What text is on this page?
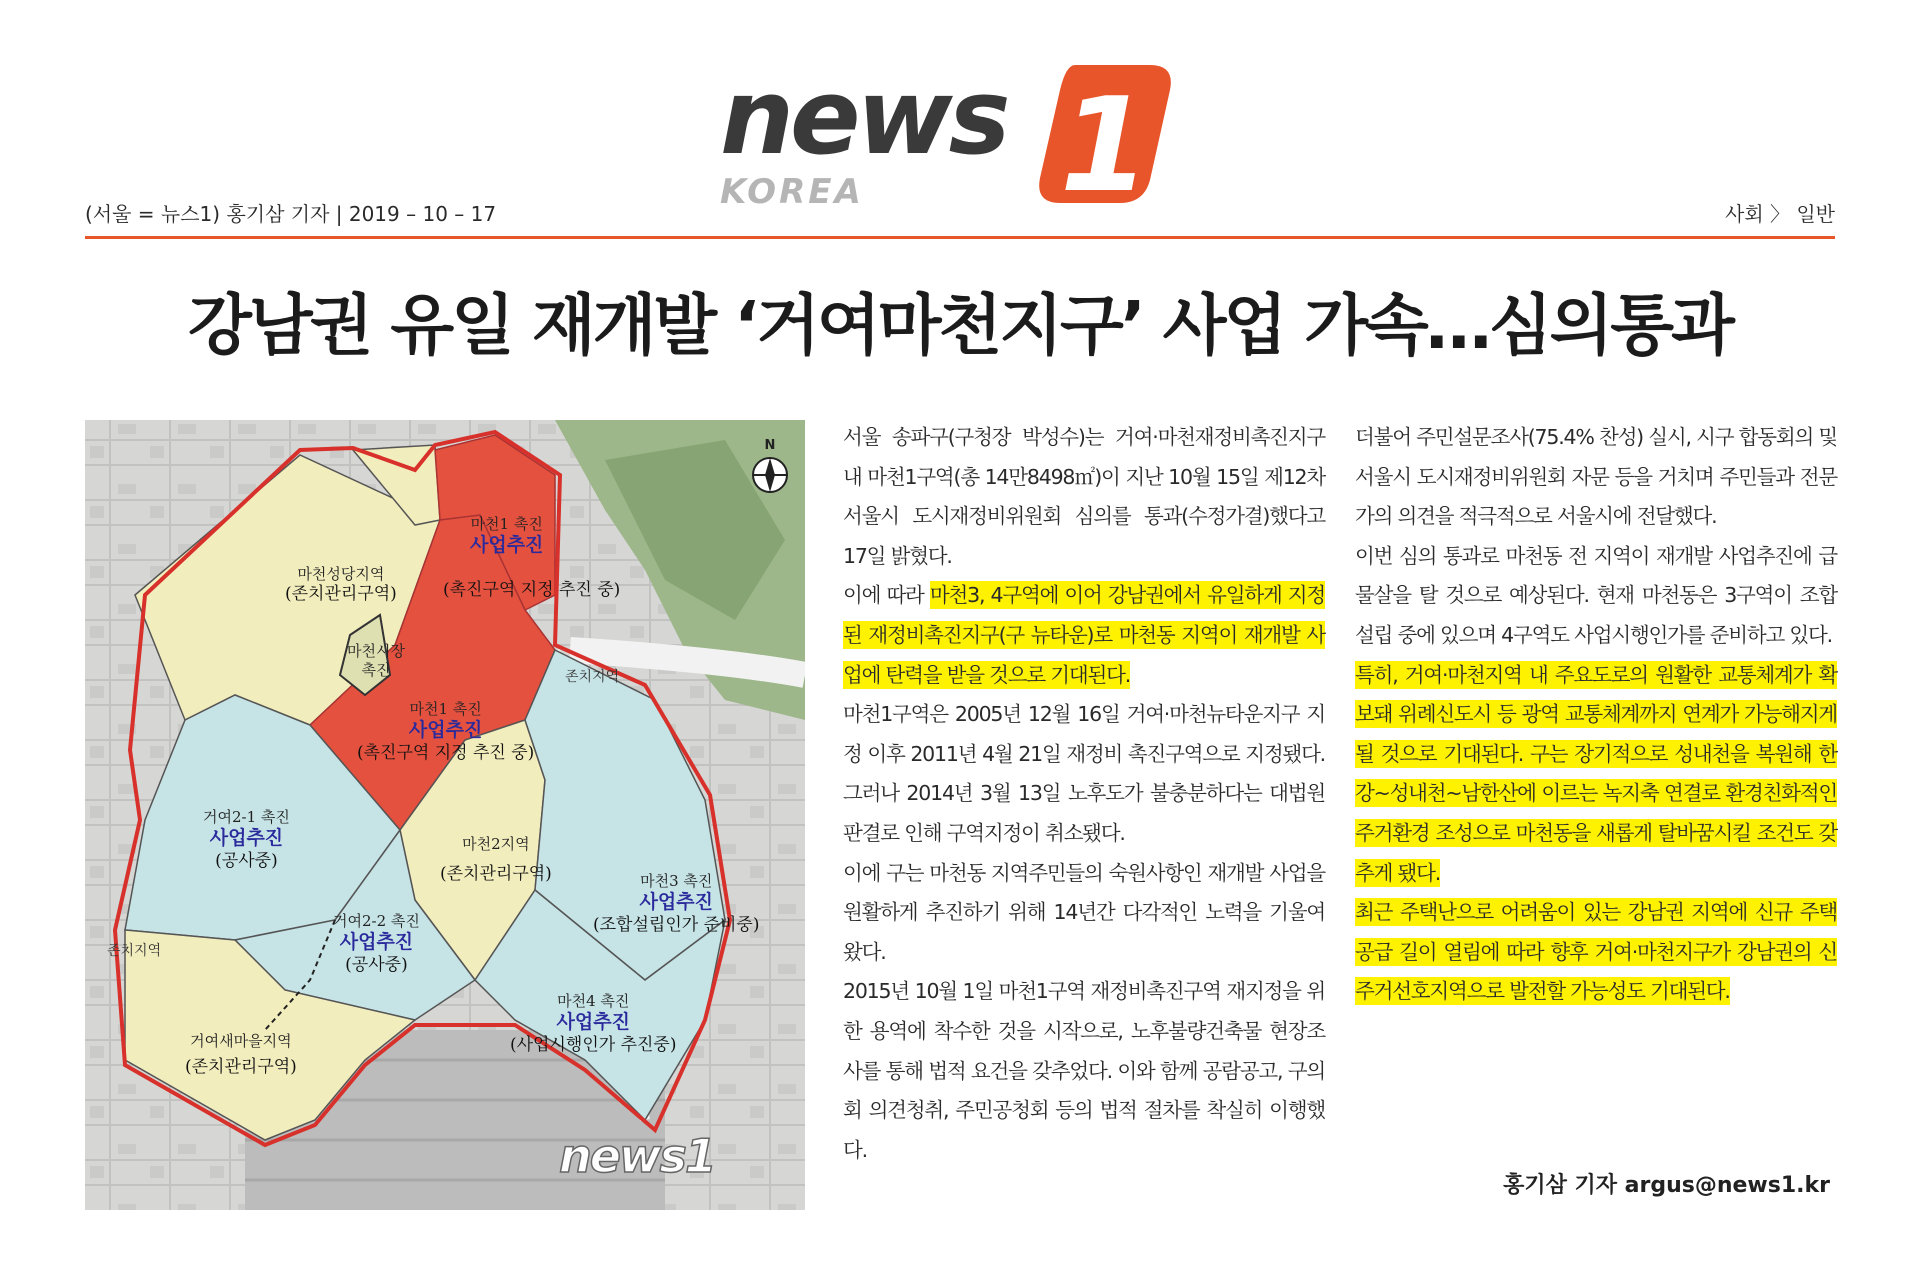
news 1
KOREA
(서울 = 뉴스1) 홍기삼 기자 | 2019 – 10 – 17	사회 〉 일반
강남권 유일 재개발 ‘거여마천지구’ 사업 가속…심의통과
마천1 촉진
사업추진
(촉진구역 지정 추진 중)
마천성당지역
(존치관리구역)
마천시장
촉진
마천1 촉진
사업추진
(촉진구역 지정 추진 중)
거여2-1 촉진
사업추진
(공사중)
마천2지역
(존치관리구역)	마천3 촉진
사업추진
(조합설립인가 준비중)
거여2-2 촉진
사업추진
(공사중)
마천4 촉진
사업추진
(사업시행인가 추진중)
거여새마을지역
(존치관리구역)
존치지역
존치지역
news1
N	서울 송파구(구청장 박성수)는 거여·마천재정비촉진지구 내 마천1구역(총 14만8498㎡)이 지난 10월 15일 제12차 서울시 도시재정비위원회 심의를 통과(수정가결)했다고 17일 밝혔다.

이에 따라 마천3, 4구역에 이어 강남권에서 유일하게 지정된 재정비촉진지구(구 뉴타운)로 마천동 지역이 재개발 사업에 탄력을 받을 것으로 기대된다.

마천1구역은 2005년 12월 16일 거여·마천뉴타운지구 지정 이후 2011년 4월 21일 재정비 촉진구역으로 지정됐다. 그러나 2014년 3월 13일 노후도가 불충분하다는 대법원 판결로 인해 구역지정이 취소됐다.

이에 구는 마천동 지역주민들의 숙원사항인 재개발 사업을 원활하게 추진하기 위해 14년간 다각적인 노력을 기울여 왔다.

2015년 10월 1일 마천1구역 재정비촉진구역 재지정을 위한 용역에 착수한 것을 시작으로, 노후불량건축물 현장조사를 통해 법적 요건을 갖추었다. 이와 함께 공람공고, 구의회 의견청취, 주민공청회 등의 법적 절차를 착실히 이행했다.

더불어 주민설문조사(75.4% 찬성) 실시, 시구 합동회의 및 서울시 도시재정비위원회 자문 등을 거치며 주민들과 전문가의 의견을 적극적으로 서울시에 전달했다.

이번 심의 통과로 마천동 전 지역이 재개발 사업추진에 급물살을 탈 것으로 예상된다. 현재 마천동은 3구역이 조합설립 중에 있으며 4구역도 사업시행인가를 준비하고 있다.

특히, 거여·마천지역 내 주요도로의 원활한 교통체계가 확보돼 위례신도시 등 광역 교통체계까지 연계가 가능해지게 될 것으로 기대된다. 구는 장기적으로 성내천을 복원해 한강~성내천~남한산에 이르는 녹지축 연결로 환경친화적인 주거환경 조성으로 마천동을 새롭게 탈바꿈시킬 조건도 갖추게 됐다.

최근 주택난으로 어려움이 있는 강남권 지역에 신규 주택공급 길이 열림에 따라 향후 거여·마천지구가 강남권의 신 주거선호지역으로 발전할 가능성도 기대된다.

홍기삼 기자 argus@news1.kr
